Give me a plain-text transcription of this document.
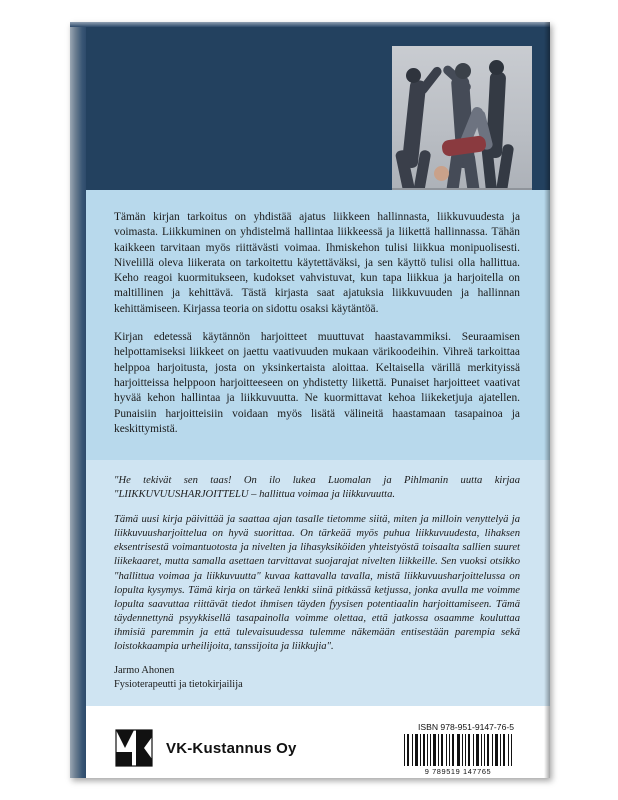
Tämän kirjan tarkoitus on yhdistää ajatus liikkeen hallinnasta, liikkuvuudesta ja voimasta. Liikkuminen on yhdistelmä hallintaa liikkeessä ja liikettä hallinnassa. Tähän kaikkeen tarvitaan myös riittävästi voimaa. Ihmiskehon tulisi liikkua monipuolisesti. Nivelillä oleva liikerata on tarkoitettu käytettäväksi, ja sen käyttö tulisi olla hallittua. Keho reagoi kuormitukseen, kudokset vahvistuvat, kun tapa liikkua ja harjoitella on maltillinen ja kehittävä. Tästä kirjasta saat ajatuksia liikkuvuuden ja hallinnan kehittämiseen. Kirjassa teoria on sidottu osaksi käytäntöä.

Kirjan edetessä käytännön harjoitteet muuttuvat haastavammiksi. Seuraamisen helpottamiseksi liikkeet on jaettu vaativuuden mukaan värikoodeihin. Vihreä tarkoittaa helppoa harjoitusta, josta on yksinkertaista aloittaa. Keltaisella värillä merkityissä harjoitteissa helppoon harjoitteeseen on yhdistetty liikettä. Punaiset harjoitteet vaativat hyvää kehon hallintaa ja liikkuvuutta. Ne kuormittavat kehoa liikeketjuja ajatellen. Punaisiin harjoitteisiin voidaan myös lisätä välineitä haastamaan tasapainoa ja keskittymistä.

"He tekivät sen taas! On ilo lukea Luomalan ja Pihlmanin uutta kirjaa "LIIKKUVUUSHARJOITTELU – hallittua voimaa ja liikkuvuutta.

Tämä uusi kirja päivittää ja saattaa ajan tasalle tietomme siitä, miten ja milloin venyttelyä ja liikkuvuusharjoittelua on hyvä suorittaa. On tärkeää myös puhua liikkuvuudesta, lihaksen eksentrisestä voimantuotosta ja nivelten ja lihasyksiköiden yhteistyöstä toisaalta sallien suuret liikekaaret, mutta samalla asettaen tarvittavat suojarajat nivelten liikkeille. Sen vuoksi otsikko "hallittua voimaa ja liikkuvuutta" kuvaa kattavalla tavalla, mistä liikkuvuusharjoittelussa on lopulta kysymys. Tämä kirja on tärkeä lenkki siinä pitkässä ketjussa, jonka avulla me voimme lopulta saavuttaa riittävät tiedot ihmisen täyden fyysisen potentiaalin harjoittamiseen. Tämä täydennettynä psyykkisellä tasapainolla voimme olettaa, että jatkossa osaamme kouluttaa ihmisiä paremmin ja että tulevaisuudessa tulemme näkemään entisestään parempia sekä loistokkaampia urheilijoita, tanssijoita ja liikkujia".

Jarmo Ahonen
Fysioterapeutti ja tietokirjailija
VK-Kustannus Oy
ISBN 978-951-9147-76-5
9 789519 147765
